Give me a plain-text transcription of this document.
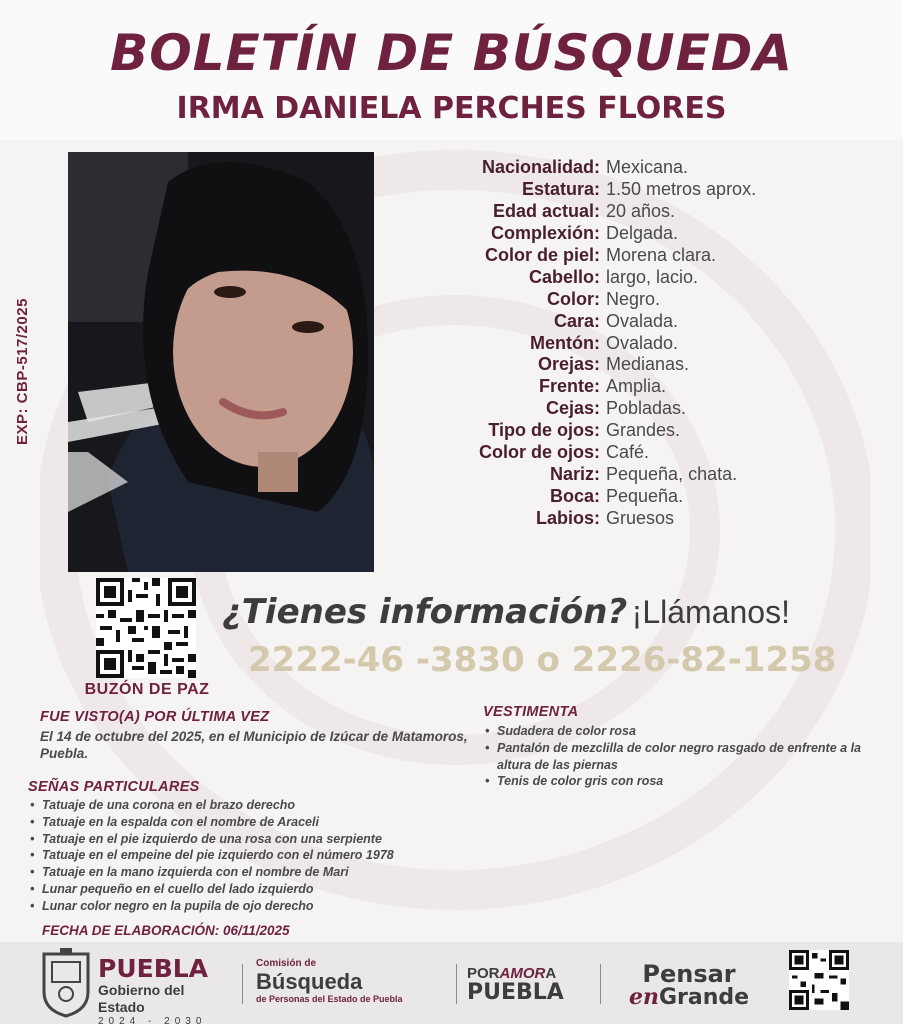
BOLETÍN DE BÚSQUEDA
IRMA DANIELA PERCHES FLORES
EXP: CBP-517/2025
Nacionalidad: Mexicana.
Estatura: 1.50 metros aprox.
Edad actual: 20 años.
Complexión: Delgada.
Color de piel: Morena clara.
Cabello: largo, lacio.
Color: Negro.
Cara: Ovalada.
Mentón: Ovalado.
Orejas: Medianas.
Frente: Amplia.
Cejas: Pobladas.
Tipo de ojos: Grandes.
Color de ojos: Café.
Nariz: Pequeña, chata.
Boca: Pequeña.
Labios: Gruesos
BUZÓN DE PAZ
¿Tienes información? ¡Llámanos!
2222-46 -3830 o 2226-82-1258
FUE VISTO(A) POR ÚLTIMA VEZ
El 14 de octubre del 2025, en el Municipio de Izúcar de Matamoros, Puebla.
SEÑAS PARTICULARES
• Tatuaje de una corona en el brazo derecho
• Tatuaje en la espalda con el nombre de Araceli
• Tatuaje en el pie izquierdo de una rosa con una serpiente
• Tatuaje en el empeine del pie izquierdo con el número 1978
• Tatuaje en la mano izquierda con el nombre de Mari
• Lunar pequeño en el cuello del lado izquierdo
• Lunar color negro en la pupila de ojo derecho
VESTIMENTA
• Sudadera de color rosa
• Pantalón de mezclilla de color negro rasgado de enfrente a la altura de las piernas
• Tenis de color gris con rosa
FECHA DE ELABORACIÓN: 06/11/2025
PUEBLA
Gobierno del Estado
2024 - 2030
Comisión de
Búsqueda
de Personas del Estado de Puebla
PORAMORA
PUEBLA
Pensar
enGrande
